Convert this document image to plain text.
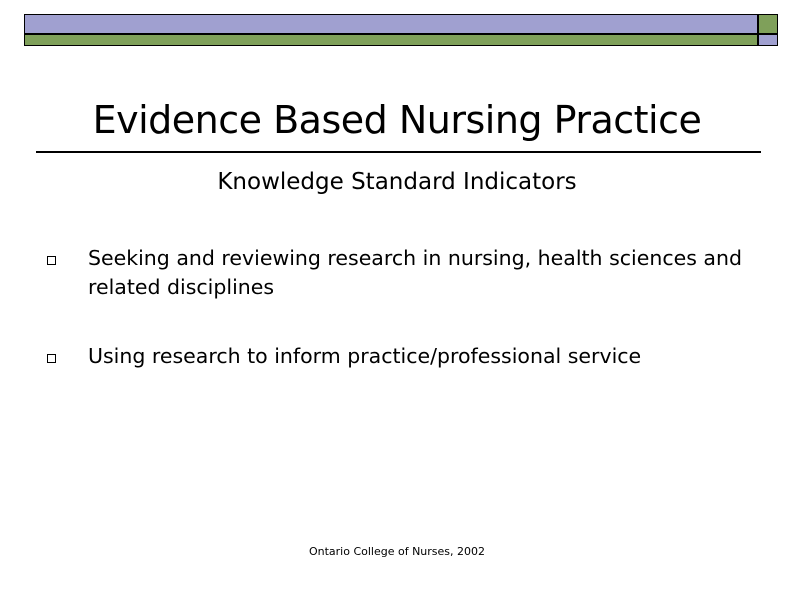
Evidence Based Nursing Practice
Knowledge Standard Indicators
Seeking and reviewing research in nursing, health sciences and related disciplines
Using research to inform practice/professional service
Ontario College of Nurses, 2002
